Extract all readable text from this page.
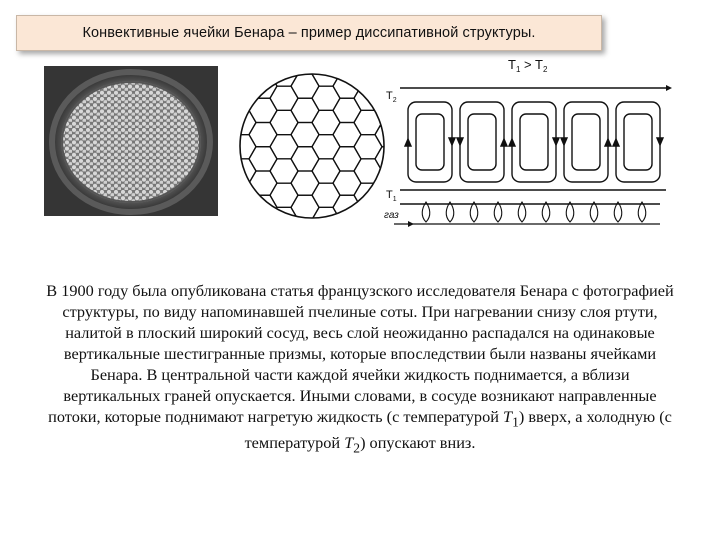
Конвективные ячейки Бенара – пример диссипативной структуры.
$T_1 > T_2$
$T_2$
$T_1$
газ

В 1900 году была опубликована статья французского исследователя Бенара с фотографией структуры, по виду напоминавшей пчелиные соты. При нагревании снизу слоя ртути, налитой в плоский широкий сосуд, весь слой неожиданно распадался на одинаковые вертикальные шестигранные призмы, которые впоследствии были названы ячейками Бенара. В центральной части каждой ячейки жидкость поднимается, а вблизи вертикальных граней опускается. Иными словами, в сосуде возникают направленные потоки, которые поднимают нагретую жидкость (с температурой $T_1$) вверх, а холодную (с температурой $T_2$) опускают вниз.
